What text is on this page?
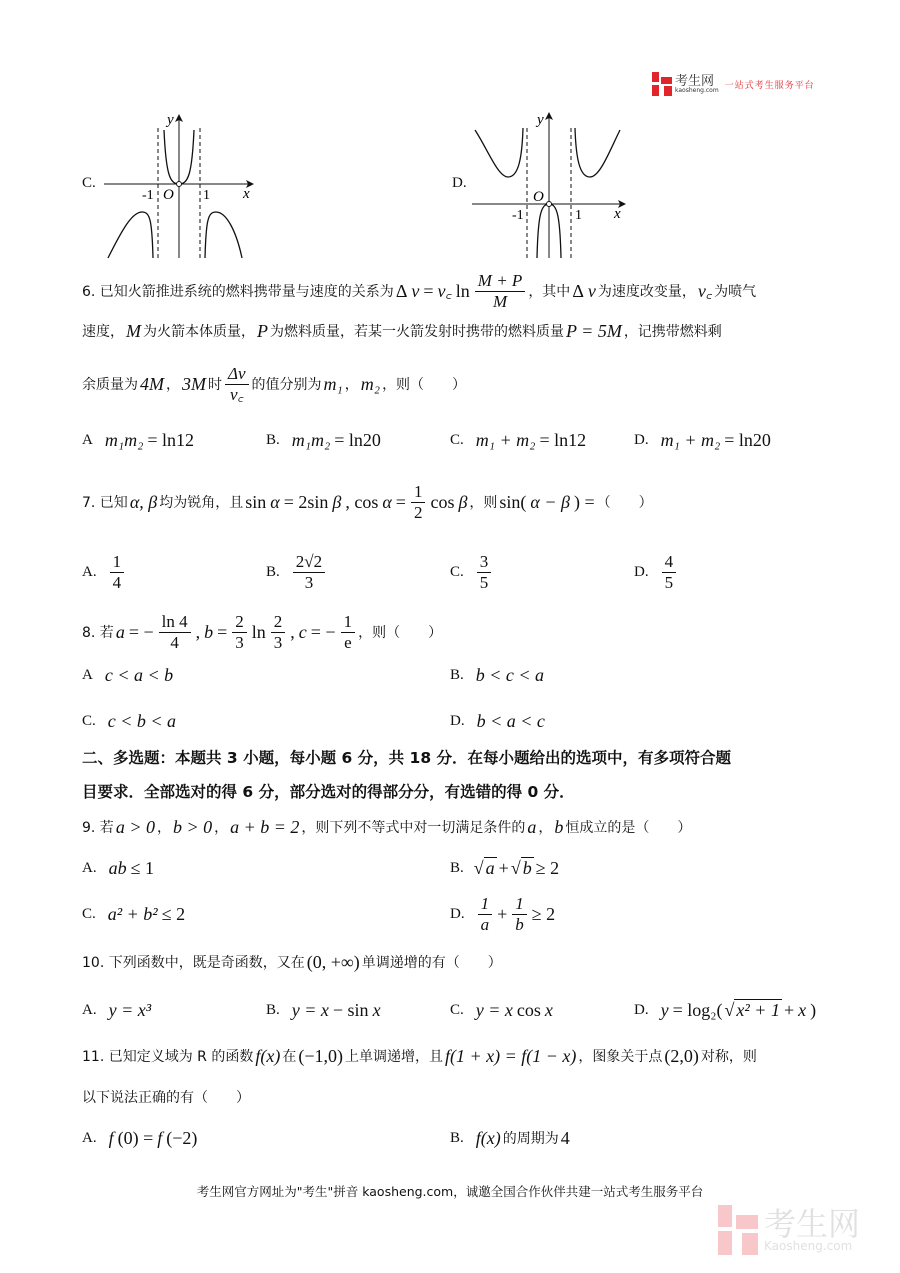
考生网
kaosheng.com 一站式考生服务平台
C.
y
x
O
-1	1
D.
y
x
O
-1	1
6. 已知火箭推进系统的燃料携带量与速度的关系为 Δ v = v꜀ $\ln \frac{M + P}{M}$ ，其中 Δ v 为速度改变量， v꜀ 为喷气
速度， M 为火箭本体质量， P 为燃料质量，若某一火箭发射时携带的燃料质量 P = 5M ，记携带燃料剩
余质量为 4M ， 3M 时 $\frac{\Delta v}{v꜀}$ 的值分别为 m₁ ， m₂ ，则（　　）
7. 已知 α, β 均为锐角，且 sin α = 2sin β , $\cos \alpha = \frac{1}{2}$ cos β ，则 sin( α − β ) = （　　）
8. 若 a = − $\frac{\ln 4}{4}$ , $b = \frac{2}{3}$ $\ln \frac{2}{3}$ , c = − $\frac{1}{e}$ ，则（　　）
二、多选题：本题共 3 小题，每小题 6 分，共 18 分．在每小题给出的选项中，有多项符合题
目要求．全部选对的得 6 分，部分选对的得部分分，有选错的得 0 分．
9. 若 a > 0 ， b > 0 ， a + b = 2 ，则下列不等式中对一切满足条件的 a ， b 恒成立的是（　　）
10. 下列函数中，既是奇函数，又在 (0, +∞) 单调递增的有（　　）
11. 已知定义域为 R 的函数 f(x) 在 (−1,0) 上单调递增，且 f(1 + x) = f(1 − x) ，图象关于点 (2,0) 对称，则
以下说法正确的有（　　）
A m₁m₂ = ln12	B. m₁m₂ = ln20	C. m₁ + m₂ = ln12	D. m₁ + m₂ = ln20
A. $\frac{1}{4}$	B. $\frac{2√2}{3}$	C. $\frac{3}{5}$	D. $\frac{4}{5}$
A c < a < b	B. b < c < a
C. c < b < a	D. b < a < c
A. ab ≤ 1	B. √ a + √ b ≥ 2
C. a² + b² ≤ 2	D. $\frac{1}{a} + \frac{1}{b} \ge 2$
A. y = x³	B. y = x − sin x	C. y = x cos x	D. y = log₂( √ x² + 1 + x )
A. f (0) = f (−2)	B. f(x) 的周期为 4
考生网官方网址为"考生"拼音 kaosheng.com，诚邀全国合作伙伴共建一站式考生服务平台
考生网
Kaosheng.com
